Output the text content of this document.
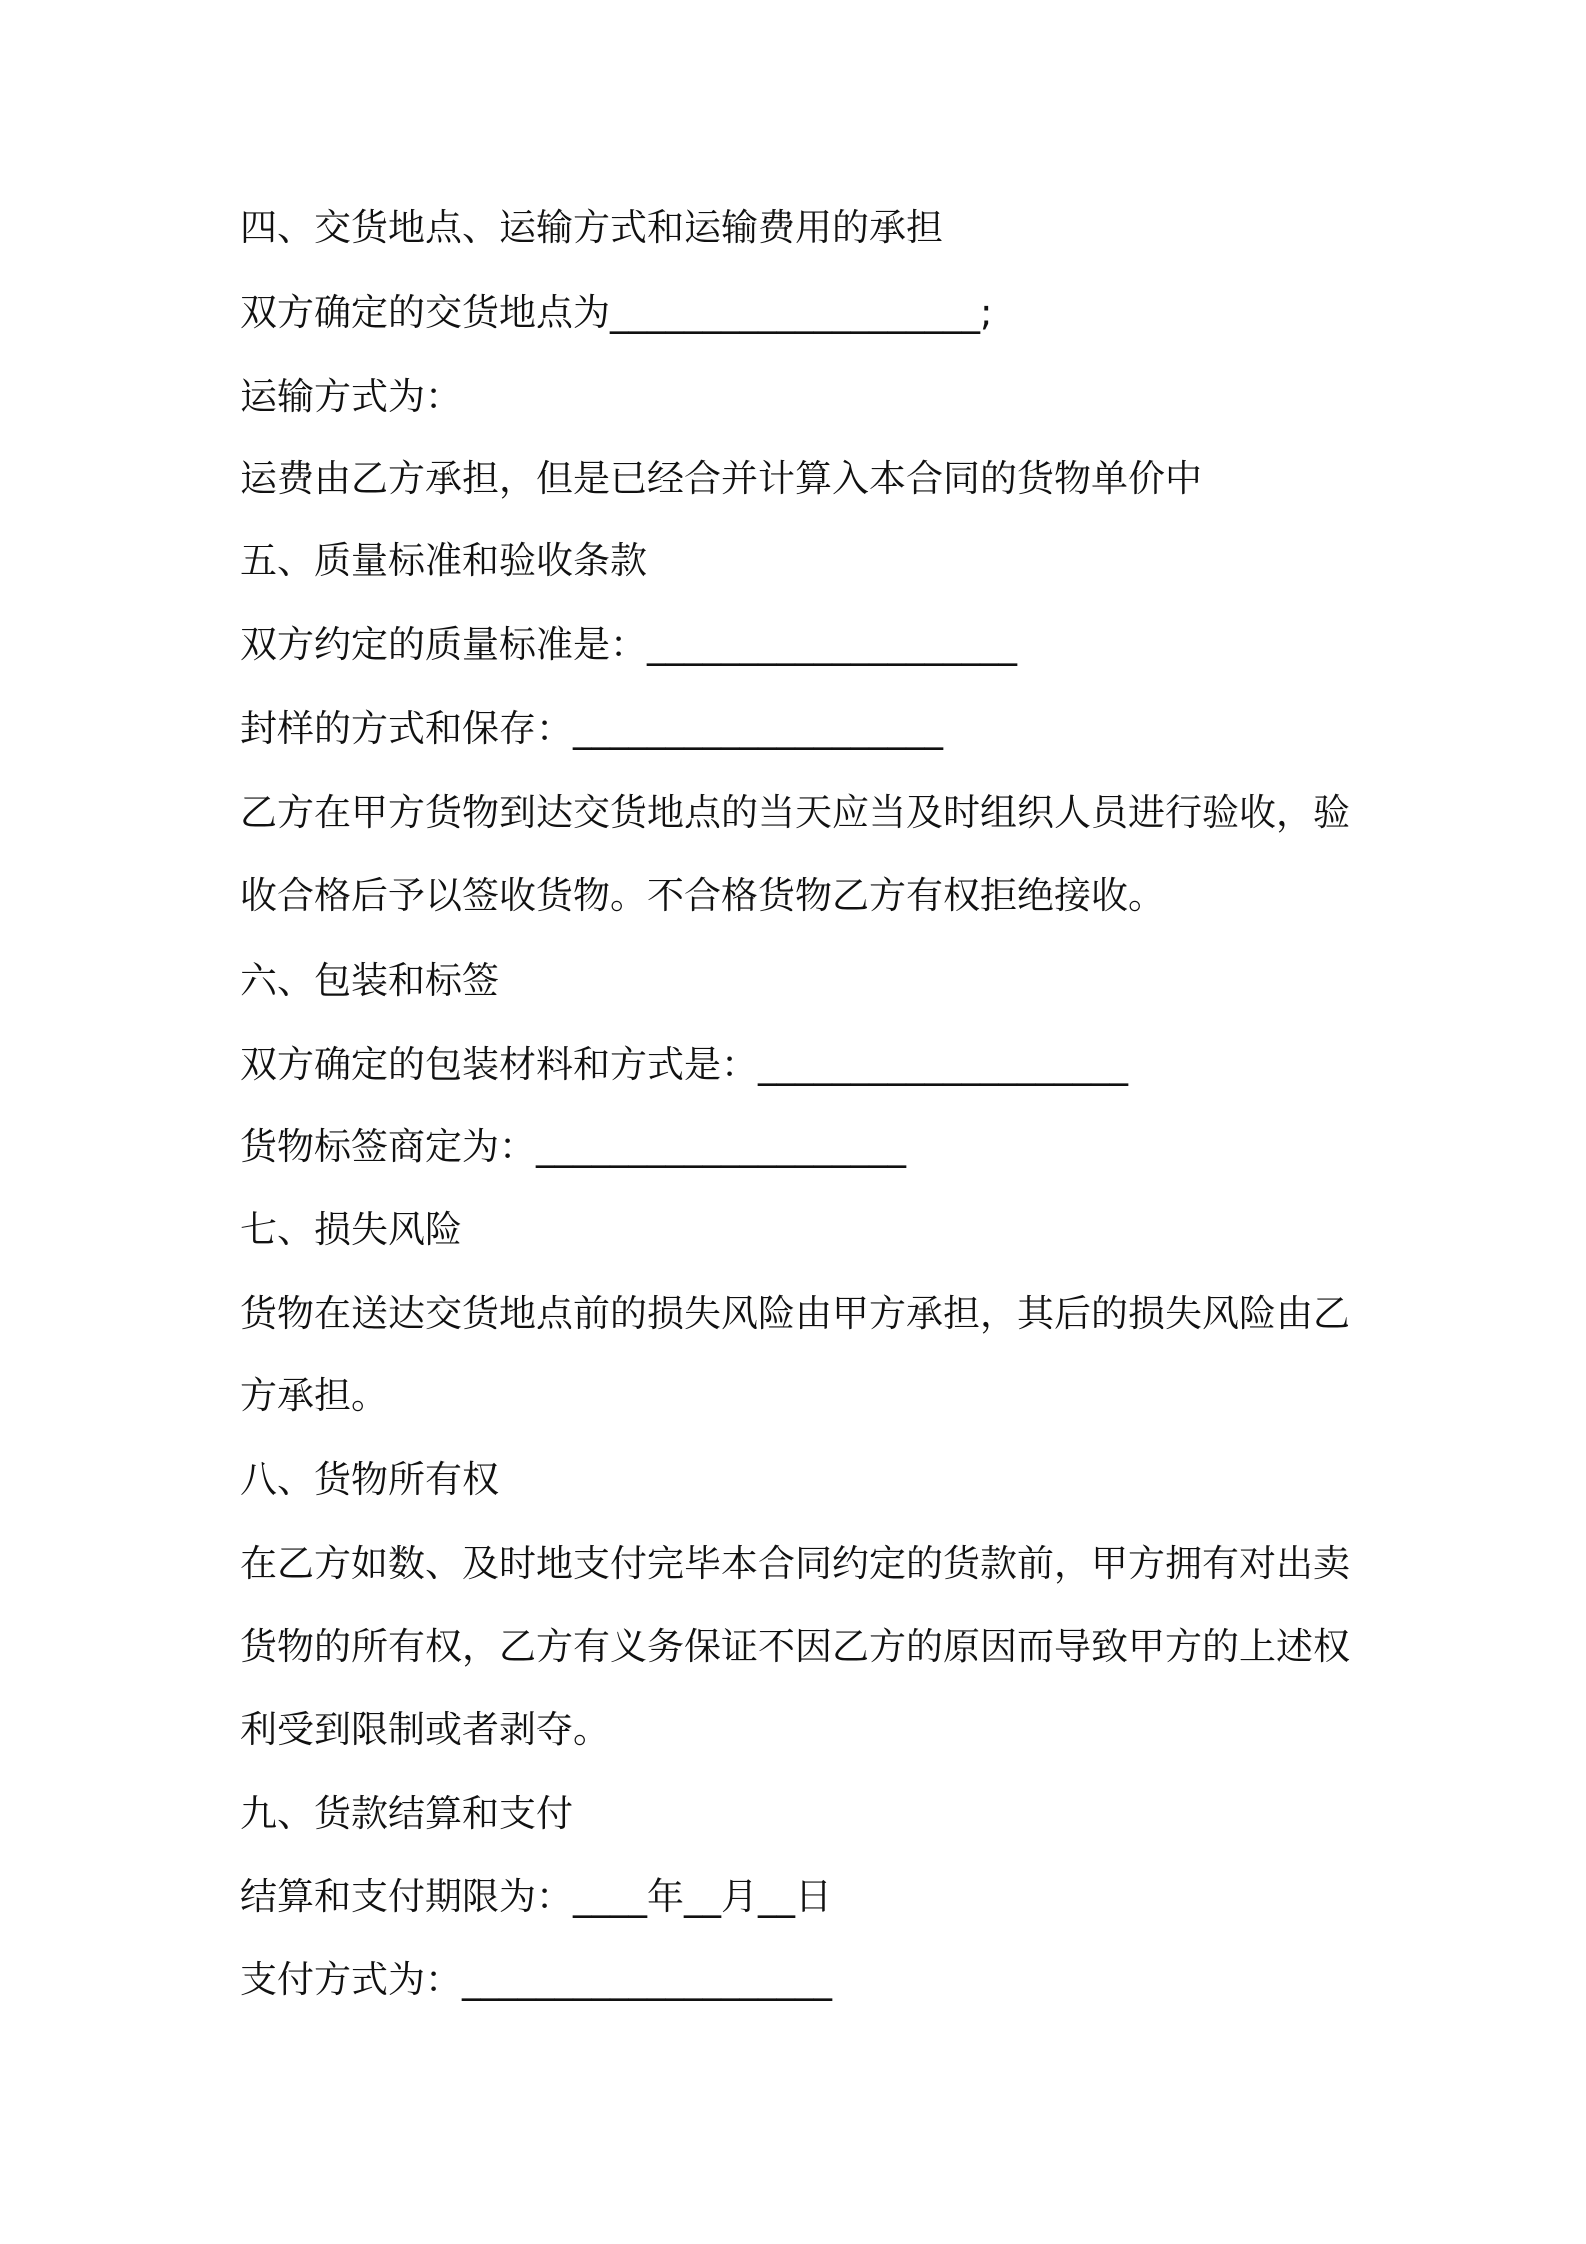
四、交货地点、运输方式和运输费用的承担

双方确定的交货地点为____________________;

运输方式为：

运费由乙方承担，但是已经合并计算入本合同的货物单价中

五、质量标准和验收条款

双方约定的质量标准是：____________________

封样的方式和保存：____________________

乙方在甲方货物到达交货地点的当天应当及时组织人员进行验收，验

收合格后予以签收货物。不合格货物乙方有权拒绝接收。

六、包装和标签

双方确定的包装材料和方式是：____________________

货物标签商定为：____________________

七、损失风险

货物在送达交货地点前的损失风险由甲方承担，其后的损失风险由乙

方承担。

八、货物所有权

在乙方如数、及时地支付完毕本合同约定的货款前，甲方拥有对出卖

货物的所有权，乙方有义务保证不因乙方的原因而导致甲方的上述权

利受到限制或者剥夺。

九、货款结算和支付

结算和支付期限为：____年__月__日

支付方式为：____________________
